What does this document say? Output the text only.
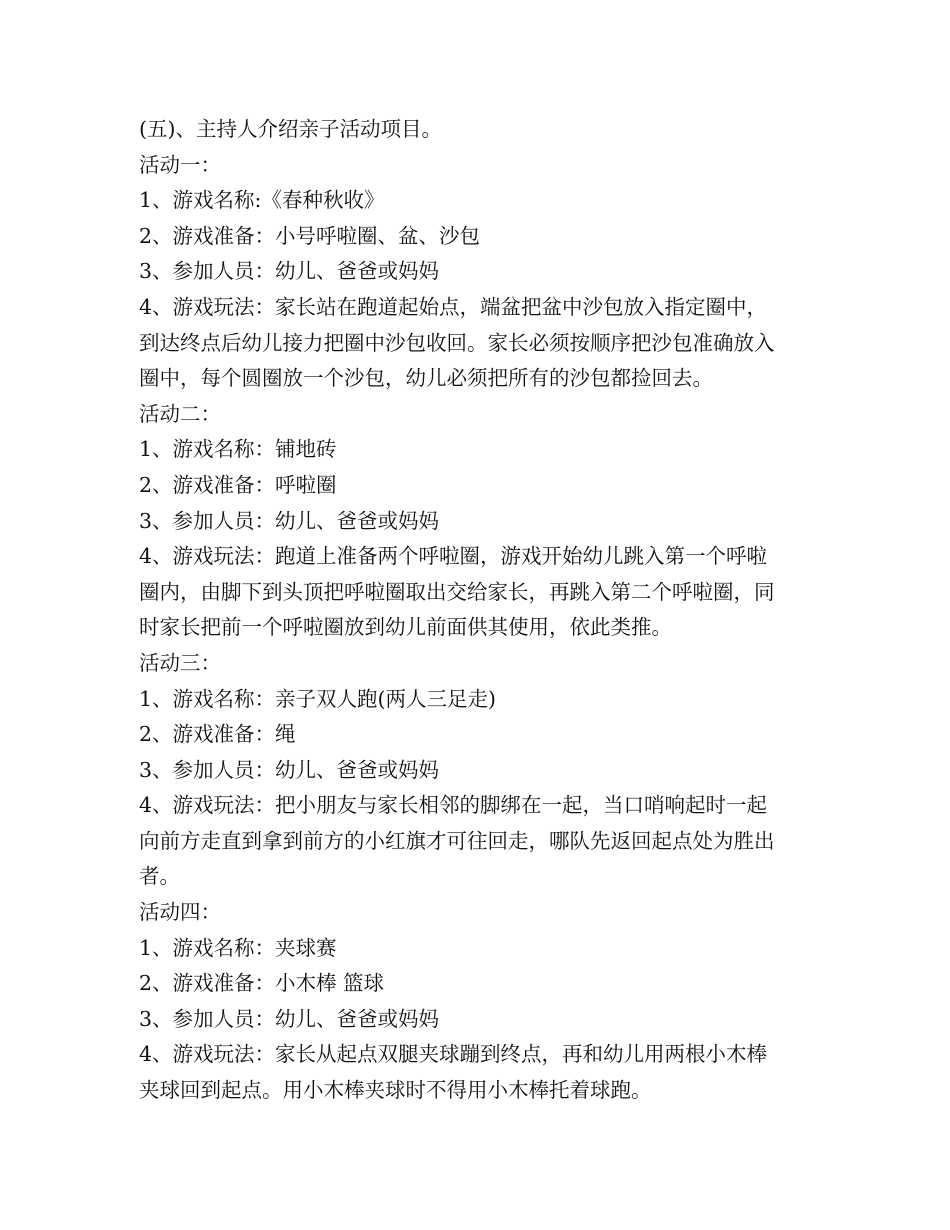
(五)、主持人介绍亲子活动项目。
活动一：
1、游戏名称:《春种秋收》
2、游戏准备：小号呼啦圈、盆、沙包
3、参加人员：幼儿、爸爸或妈妈
4、游戏玩法：家长站在跑道起始点，端盆把盆中沙包放入指定圈中，
到达终点后幼儿接力把圈中沙包收回。家长必须按顺序把沙包准确放入
圈中，每个圆圈放一个沙包，幼儿必须把所有的沙包都捡回去。
活动二：
1、游戏名称：铺地砖
2、游戏准备：呼啦圈
3、参加人员：幼儿、爸爸或妈妈
4、游戏玩法：跑道上准备两个呼啦圈，游戏开始幼儿跳入第一个呼啦
圈内，由脚下到头顶把呼啦圈取出交给家长，再跳入第二个呼啦圈，同
时家长把前一个呼啦圈放到幼儿前面供其使用，依此类推。
活动三：
1、游戏名称：亲子双人跑(两人三足走)
2、游戏准备：绳
3、参加人员：幼儿、爸爸或妈妈
4、游戏玩法：把小朋友与家长相邻的脚绑在一起，当口哨响起时一起
向前方走直到拿到前方的小红旗才可往回走，哪队先返回起点处为胜出
者。
活动四：
1、游戏名称：夹球赛
2、游戏准备：小木棒 篮球
3、参加人员：幼儿、爸爸或妈妈
4、游戏玩法：家长从起点双腿夹球蹦到终点，再和幼儿用两根小木棒
夹球回到起点。用小木棒夹球时不得用小木棒托着球跑。
